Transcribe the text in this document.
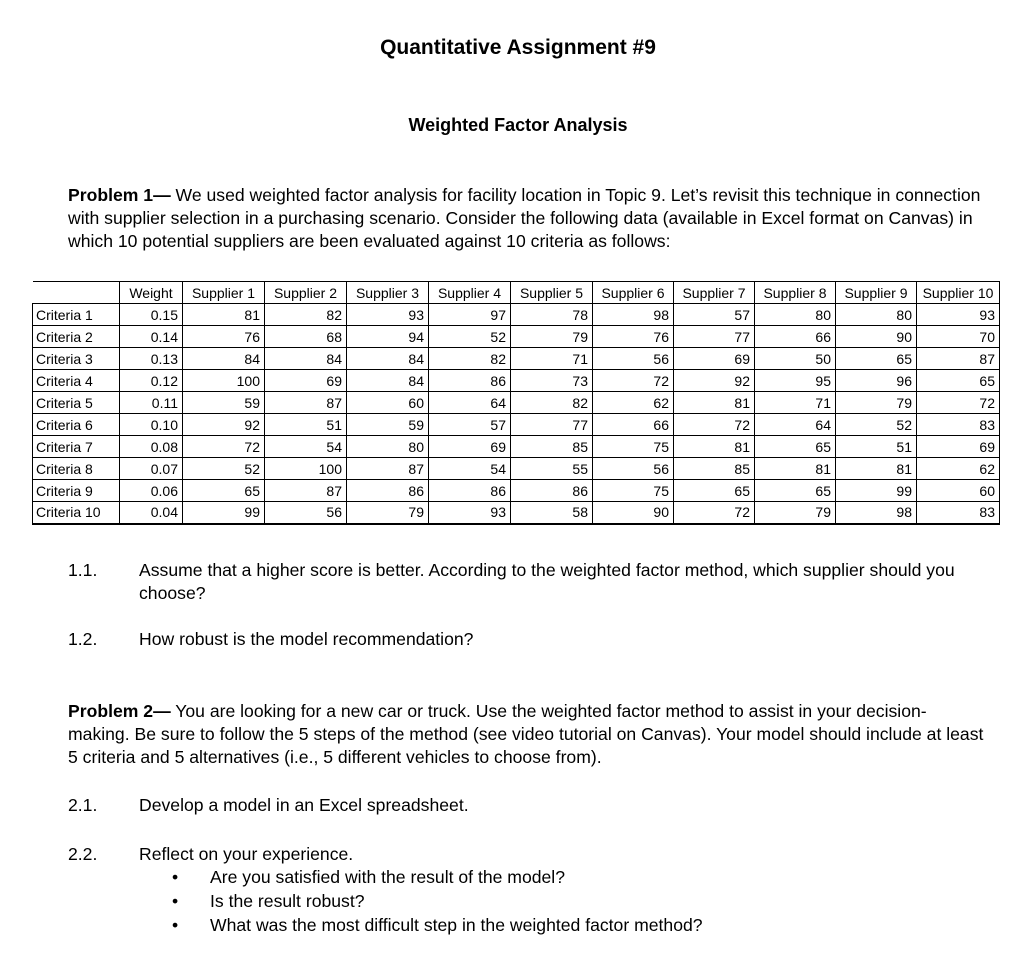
Quantitative Assignment #9
Weighted Factor Analysis
Problem 1— We used weighted factor analysis for facility location in Topic 9. Let’s revisit this technique in connection with supplier selection in a purchasing scenario. Consider the following data (available in Excel format on Canvas) in which 10 potential suppliers are been evaluated against 10 criteria as follows:
	Weight	Supplier 1	Supplier 2	Supplier 3	Supplier 4	Supplier 5	Supplier 6	Supplier 7	Supplier 8	Supplier 9	Supplier 10
Criteria 1	0.15	81	82	93	97	78	98	57	80	80	93
Criteria 2	0.14	76	68	94	52	79	76	77	66	90	70
Criteria 3	0.13	84	84	84	82	71	56	69	50	65	87
Criteria 4	0.12	100	69	84	86	73	72	92	95	96	65
Criteria 5	0.11	59	87	60	64	82	62	81	71	79	72
Criteria 6	0.10	92	51	59	57	77	66	72	64	52	83
Criteria 7	0.08	72	54	80	69	85	75	81	65	51	69
Criteria 8	0.07	52	100	87	54	55	56	85	81	81	62
Criteria 9	0.06	65	87	86	86	86	75	65	65	99	60
Criteria 10	0.04	99	56	79	93	58	90	72	79	98	83
1.1. Assume that a higher score is better. According to the weighted factor method, which supplier should you choose?
1.2. How robust is the model recommendation?
Problem 2— You are looking for a new car or truck. Use the weighted factor method to assist in your decision-making. Be sure to follow the 5 steps of the method (see video tutorial on Canvas). Your model should include at least 5 criteria and 5 alternatives (i.e., 5 different vehicles to choose from).
2.1. Develop a model in an Excel spreadsheet.
2.2. Reflect on your experience.
• Are you satisfied with the result of the model?
• Is the result robust?
• What was the most difficult step in the weighted factor method?
